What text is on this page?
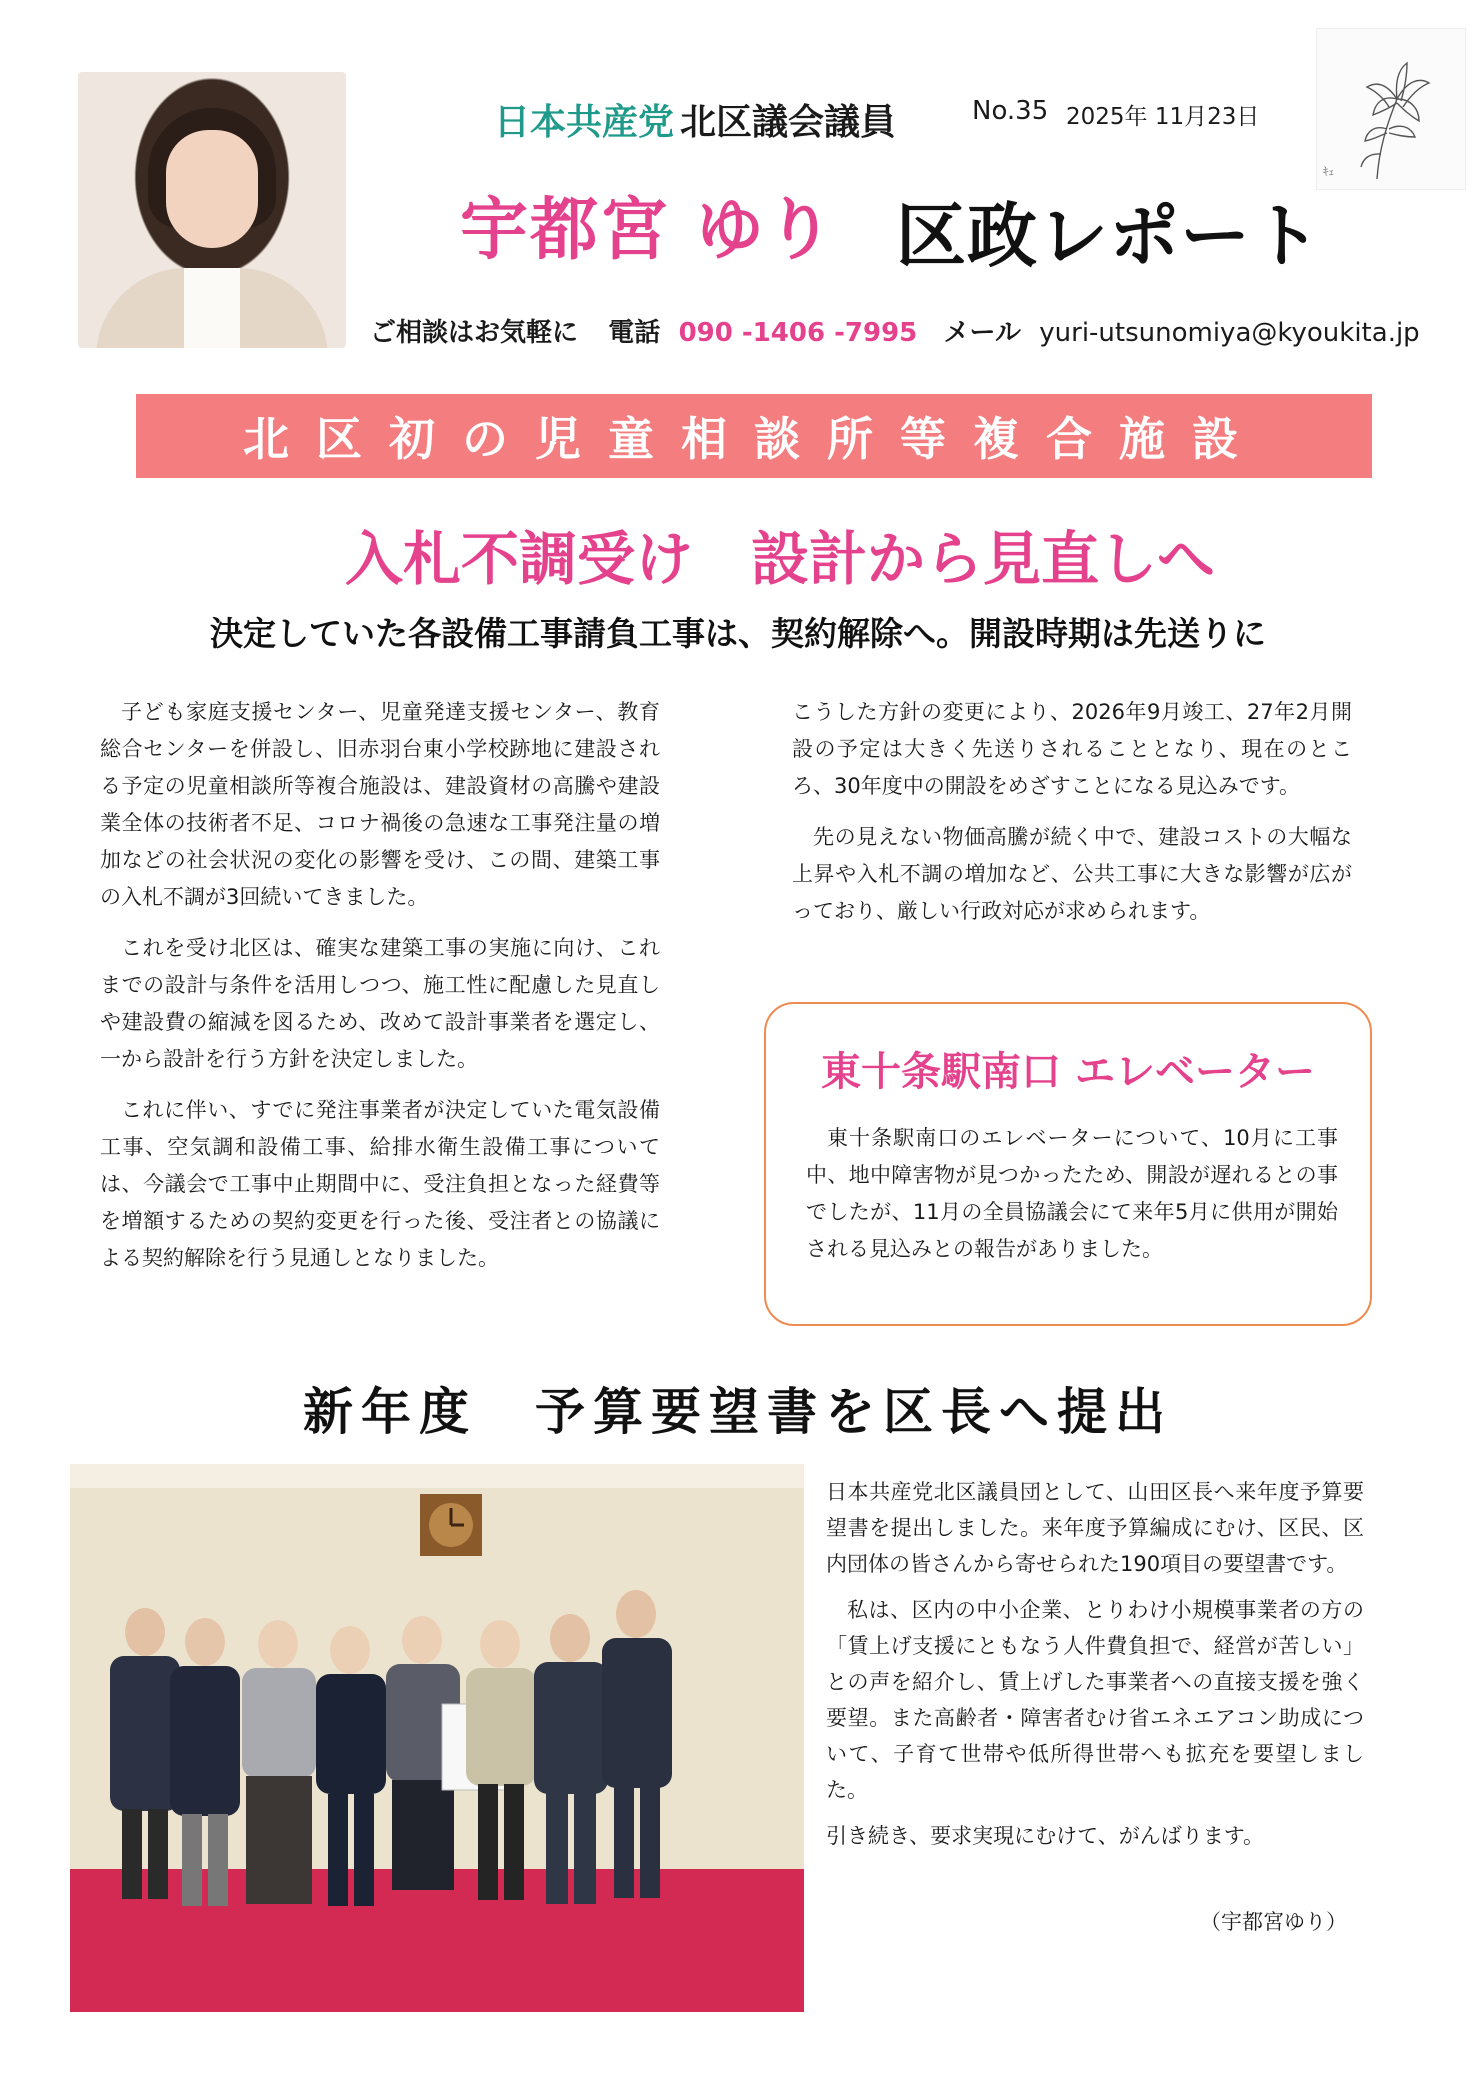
ｷｪ
日本共産党 北区議会議員	No.35 2025年 11月23日
宇都宮 ゆり 区政レポート
ご相談はお気軽に 電話 090 -1406 -7995 メール yuri-utsunomiya@kyoukita.jp
北区初の児童相談所等複合施設
入札不調受け　設計から見直しへ
決定していた各設備工事請負工事は、契約解除へ。開設時期は先送りに

子ども家庭支援センター、児童発達支援センター、教育総合センターを併設し、旧赤羽台東小学校跡地に建設される予定の児童相談所等複合施設は、建設資材の高騰や建設業全体の技術者不足、コロナ禍後の急速な工事発注量の増加などの社会状況の変化の影響を受け、この間、建築工事の入札不調が3回続いてきました。

これを受け北区は、確実な建築工事の実施に向け、これまでの設計与条件を活用しつつ、施工性に配慮した見直しや建設費の縮減を図るため、改めて設計事業者を選定し、一から設計を行う方針を決定しました。

これに伴い、すでに発注事業者が決定していた電気設備工事、空気調和設備工事、給排水衛生設備工事については、今議会で工事中止期間中に、受注負担となった経費等を増額するための契約変更を行った後、受注者との協議による契約解除を行う見通しとなりました。

こうした方針の変更により、2026年9月竣工、27年2月開設の予定は大きく先送りされることとなり、現在のところ、30年度中の開設をめざすことになる見込みです。

先の見えない物価高騰が続く中で、建設コストの大幅な上昇や入札不調の増加など、公共工事に大きな影響が広がっており、厳しい行政対応が求められます。

東十条駅南口 エレベーター

東十条駅南口のエレベーターについて、10月に工事中、地中障害物が見つかったため、開設が遅れるとの事でしたが、11月の全員協議会にて来年5月に供用が開始される見込みとの報告がありました。

新年度　予算要望書を区長へ提出

日本共産党北区議員団として、山田区長へ来年度予算要望書を提出しました。来年度予算編成にむけ、区民、区内団体の皆さんから寄せられた190項目の要望書です。

私は、区内の中小企業、とりわけ小規模事業者の方の「賃上げ支援にともなう人件費負担で、経営が苦しい」との声を紹介し、賃上げした事業者への直接支援を強く要望。また高齢者・障害者むけ省エネエアコン助成について、子育て世帯や低所得世帯へも拡充を要望しました。

引き続き、要求実現にむけて、がんばります。

（宇都宮ゆり）
